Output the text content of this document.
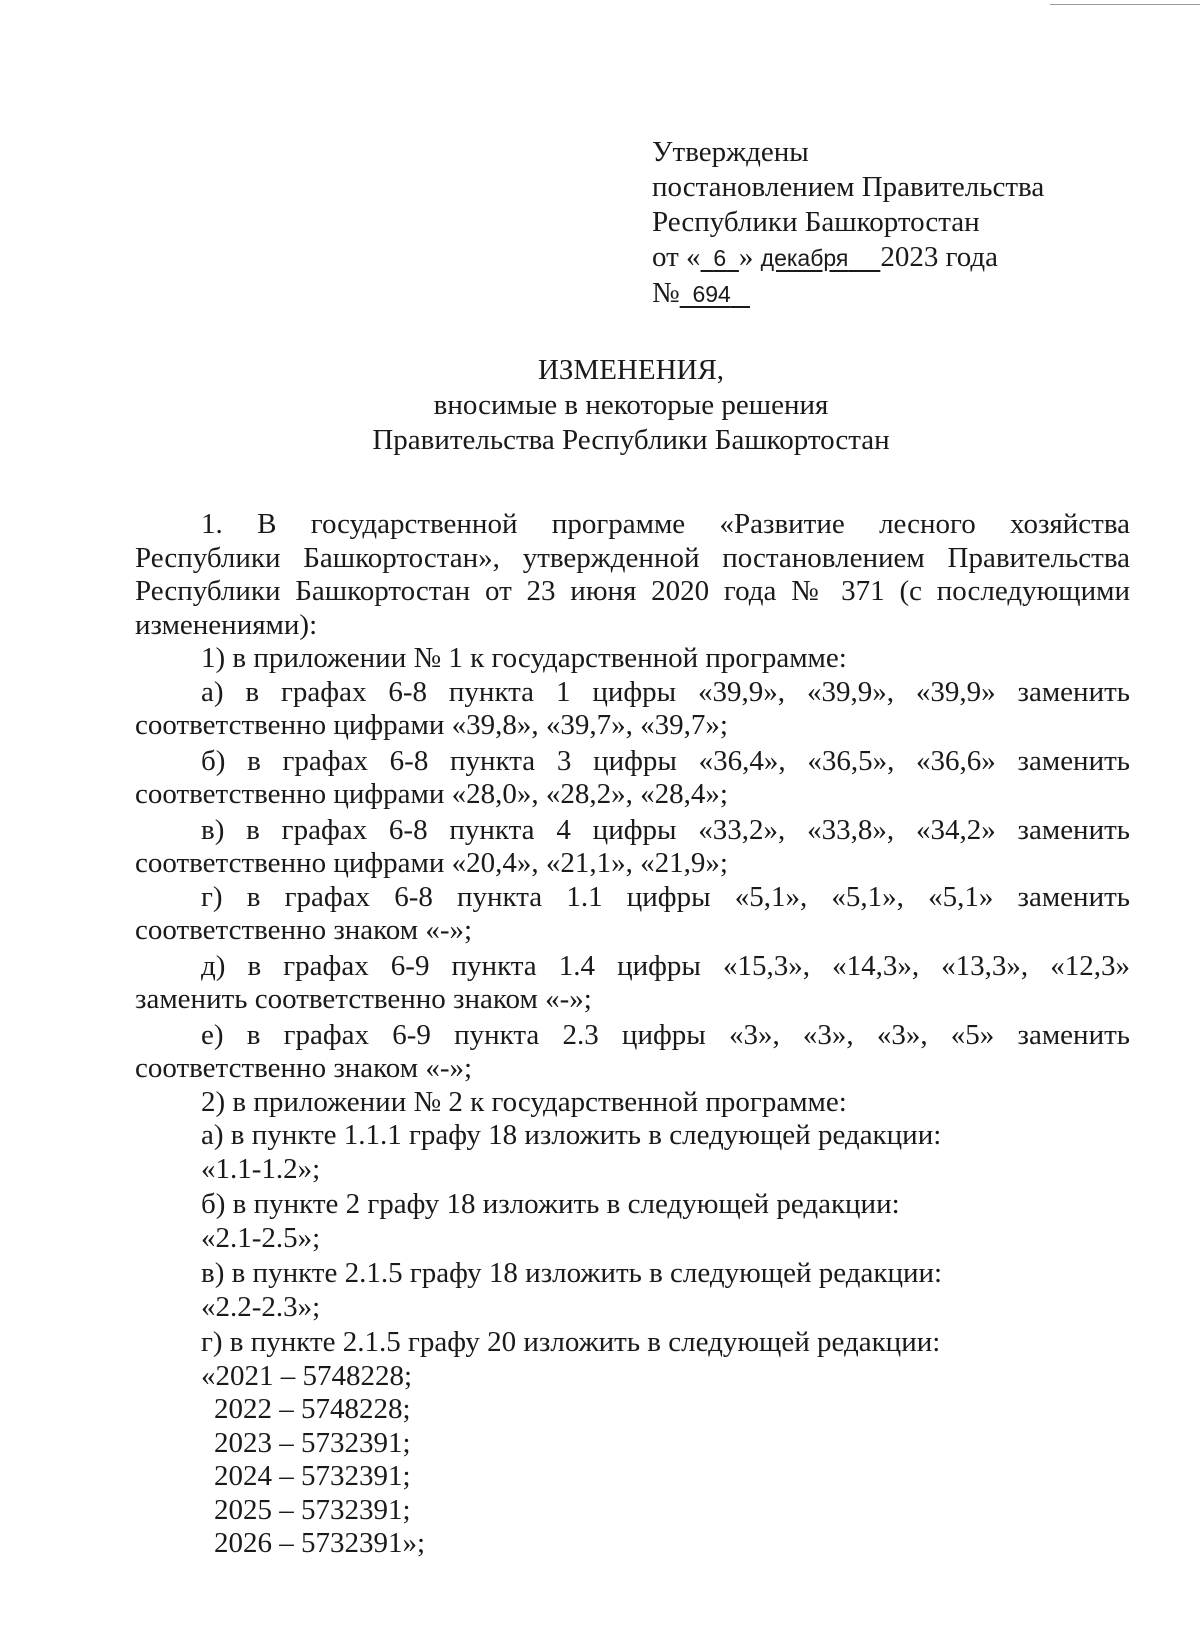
Утверждены
постановлением Правительства
Республики Башкортостан
от « 6 » декабря 2023 года
№ 694
ИЗМЕНЕНИЯ,
вносимые в некоторые решения
Правительства Республики Башкортостан
1. В государственной программе «Развитие лесного хозяйства
Республики Башкортостан», утвержденной постановлением Правительства
Республики Башкортостан от 23 июня 2020 года № 371 (с последующими
изменениями):
1) в приложении № 1 к государственной программе:
а) в графах 6-8 пункта 1 цифры «39,9», «39,9», «39,9» заменить
соответственно цифрами «39,8», «39,7», «39,7»;
б) в графах 6-8 пункта 3 цифры «36,4», «36,5», «36,6» заменить
соответственно цифрами «28,0», «28,2», «28,4»;
в) в графах 6-8 пункта 4 цифры «33,2», «33,8», «34,2» заменить
соответственно цифрами «20,4», «21,1», «21,9»;
г) в графах 6-8 пункта 1.1 цифры «5,1», «5,1», «5,1» заменить
соответственно знаком «-»;
д) в графах 6-9 пункта 1.4 цифры «15,3», «14,3», «13,3», «12,3»
заменить соответственно знаком «-»;
е) в графах 6-9 пункта 2.3 цифры «3», «3», «3», «5» заменить
соответственно знаком «-»;
2) в приложении № 2 к государственной программе:
а) в пункте 1.1.1 графу 18 изложить в следующей редакции:
«1.1-1.2»;
б) в пункте 2 графу 18 изложить в следующей редакции:
«2.1-2.5»;
в) в пункте 2.1.5 графу 18 изложить в следующей редакции:
«2.2-2.3»;
г) в пункте 2.1.5 графу 20 изложить в следующей редакции:
«2021 – 5748228;
2022 – 5748228;
2023 – 5732391;
2024 – 5732391;
2025 – 5732391;
2026 – 5732391»;
